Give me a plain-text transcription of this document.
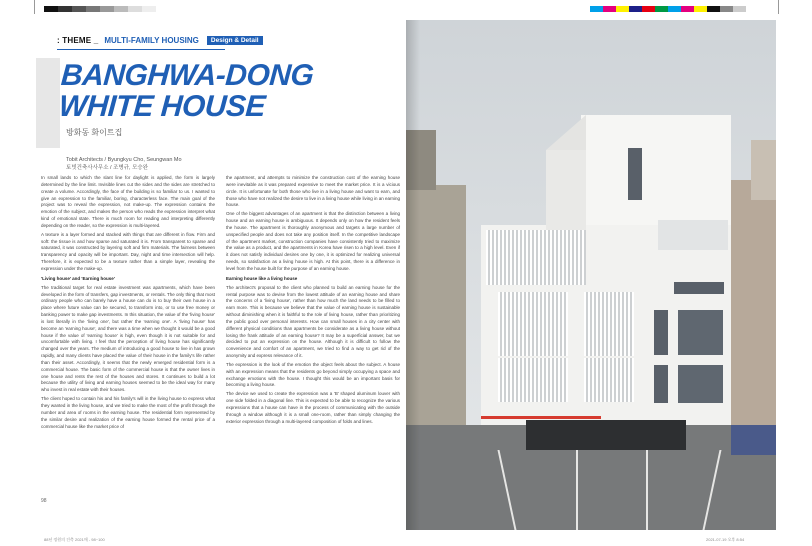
: THEME _ MULTI-FAMILY HOUSING	Design & Detail
BANGHWA-DONG
WHITE HOUSE
방화동 화이트집
Tobit Architects / Byungkyu Cho, Seungwan Mo
토빗건축사사무소 / 조병규, 모승완

In small lands to which the slant line for daylight is applied, the form is largely determined by the line limit. Invisible lines cut the sides and the sides are stretched to create a volume. Accordingly, the face of the building is so familiar to us. I wanted to give an expression to the familiar, boring, characterless face. The main goal of the project was to reveal the expression, not make-up. The expression contains the emotion of the subject, and makes the person who reads the expression interpret what kind of emotional state. There is much room for reading and interpreting differently depending on the reader, so the expression is multi-layered.

A texture is a layer formed and stacked with things that are different in flow. Firm and soft: the tissue is and how sparse and saturated it is. From transparent to sparse and saturated, it was constructed by layering soft and firm materials. The fairness between transparency and opacity will be important. Day, night and time intersection will help. Therefore, it is expected to be a texture rather than a simple layer, revealing the expression under the make-up.

'Living house' and 'Earning house'

The traditional target for real estate investment was apartments, which have been developed in the form of transfers, gap investments, or rentals. The only thing that most ordinary people who can barely have a house can do is to buy their own house in a place where future value can be secured, to transform into, or to use free money or banking power to make gap investments. In this situation, the value of the 'living house' is lost literally in the 'living one', but rather the 'earning one'. A 'living house' has become an 'earning house', and there was a time when we thought it would be a good house if the value of 'earning house' is high, even though it is not suitable for and uncomfortable with living. I feel that the perception of living house has significantly changed over the years. The medium of introducing a good house to live in has grown rapidly, and many clients have placed the value of their house in the family's life rather than their asset. Accordingly, it seems that the newly emerged residential form is a commercial house. The basic form of the commercial house is that the owner lives in one house and rents the rest of the houses and stores. It continues to build a lot because the utility of living and earning houses seemed to be the ideal way for many who invest in real estate with their houses.

The client hoped to contain his and his family's will in the living house to express what they wanted in the living house, and we tried to make the most of the profit through the number and area of rooms in the earning house. The residential form represented by the similar desire and realization of the earning house formed the rental price of a commercial house like the market price of

the apartment, and attempts to minimize the construction cost of the earning house were inevitable as it was prepared expensive to meet the market price. It is a vicious circle. It is unfortunate for both those who live in a living house and want to earn, and those who have not realized the desire to live in a living house while living in an earning house.

One of the biggest advantages of an apartment is that the distinction between a living house and an earning house is ambiguous. It depends only on how the resident feels the house. The apartment is thoroughly anonymous and targets a large number of unspecified people and does not take any position itself. In the competitive landscape of the apartment market, construction companies have consistently tried to maximize the value as a product, and the apartments in Korea have risen to a high level. Even if it does not satisfy individual desires one by one, it is optimized for realizing universal needs, so satisfaction as a living house is high. At this point, there is a difference in level from the house built for the purpose of an earning house.

Earning house like a living house

The architect's proposal to the client who planned to build an earning house for the rental purpose was to devise from the lowest attitude of an earning house and share the concerns of a 'living house', rather than how much the land needs to be filled to earn more. This is because we believe that the value of earning house is sustainable without diminishing when it is faithful to the role of living house, rather than prioritizing the public good over personal interests. How can small houses in a city center with different physical conditions than apartments be considerate as a living house without losing the frank attitude of an earning house? It may be a superficial answer, but we decided to put an expression on the house. Although it is difficult to follow the convenience and comfort of an apartment, we tried to find a way to get rid of the anonymity and express relevance of it.

The expression is the look of the emotion the object feels about the subject. A house with an expression means that the residents go beyond simply occupying a space and exchange emotions with the house. I thought this would be an important basis for becoming a living house.

The device we used to create the expression was a 'B' shaped aluminum louver with one side folded in a diagonal line. This is expected to be able to recognize the various expressions that a house can have in the process of communicating with the outside through a window although it is a small one-room, rather than simply changing the exterior expression through a multi-layered composition of folds and lines.

98
88년 정원의 건축 2021매 - 98~100	2021-07-19 오후 8:54
